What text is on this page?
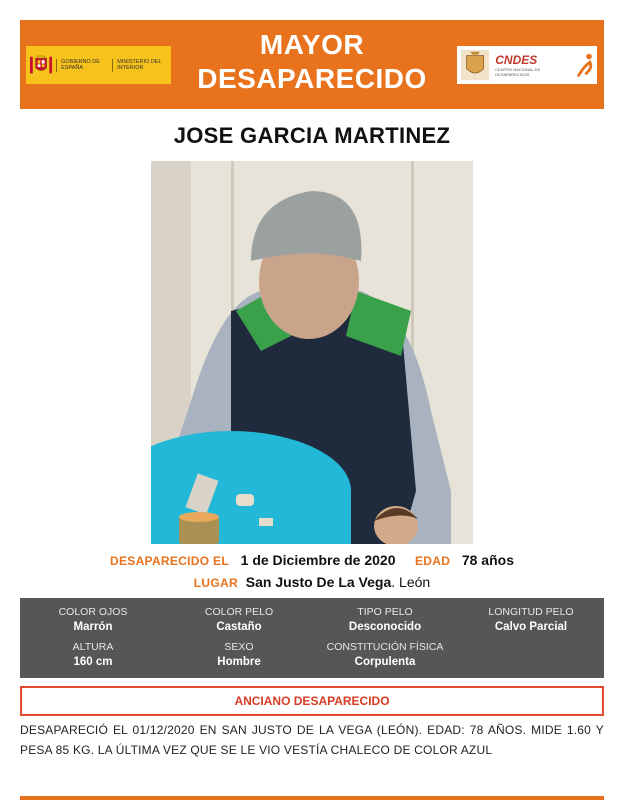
GOBIERNO DE ESPAÑA
MINISTERIO DEL INTERIOR
MAYOR
DESAPARECIDO
CNDES
CENTRO NACIONAL DE DESAPARECIDOS
JOSE GARCIA MARTINEZ
DESAPARECIDO EL 1 de Diciembre de 2020 EDAD 78 años
LUGAR San Justo De La Vega. León
COLOR OJOS
Marrón
COLOR PELO
Castaño
TIPO PELO
Desconocido
LONGITUD PELO
Calvo Parcial
ALTURA
160 cm
SEXO
Hombre
CONSTITUCIÓN FÍSICA
Corpulenta
ANCIANO DESAPARECIDO
DESAPARECIÓ EL 01/12/2020 EN SAN JUSTO DE LA VEGA (LEÓN). EDAD: 78 AÑOS. MIDE 1.60 Y PESA 85 KG. LA ÚLTIMA VEZ QUE SE LE VIO VESTÍA CHALECO DE COLOR AZUL
